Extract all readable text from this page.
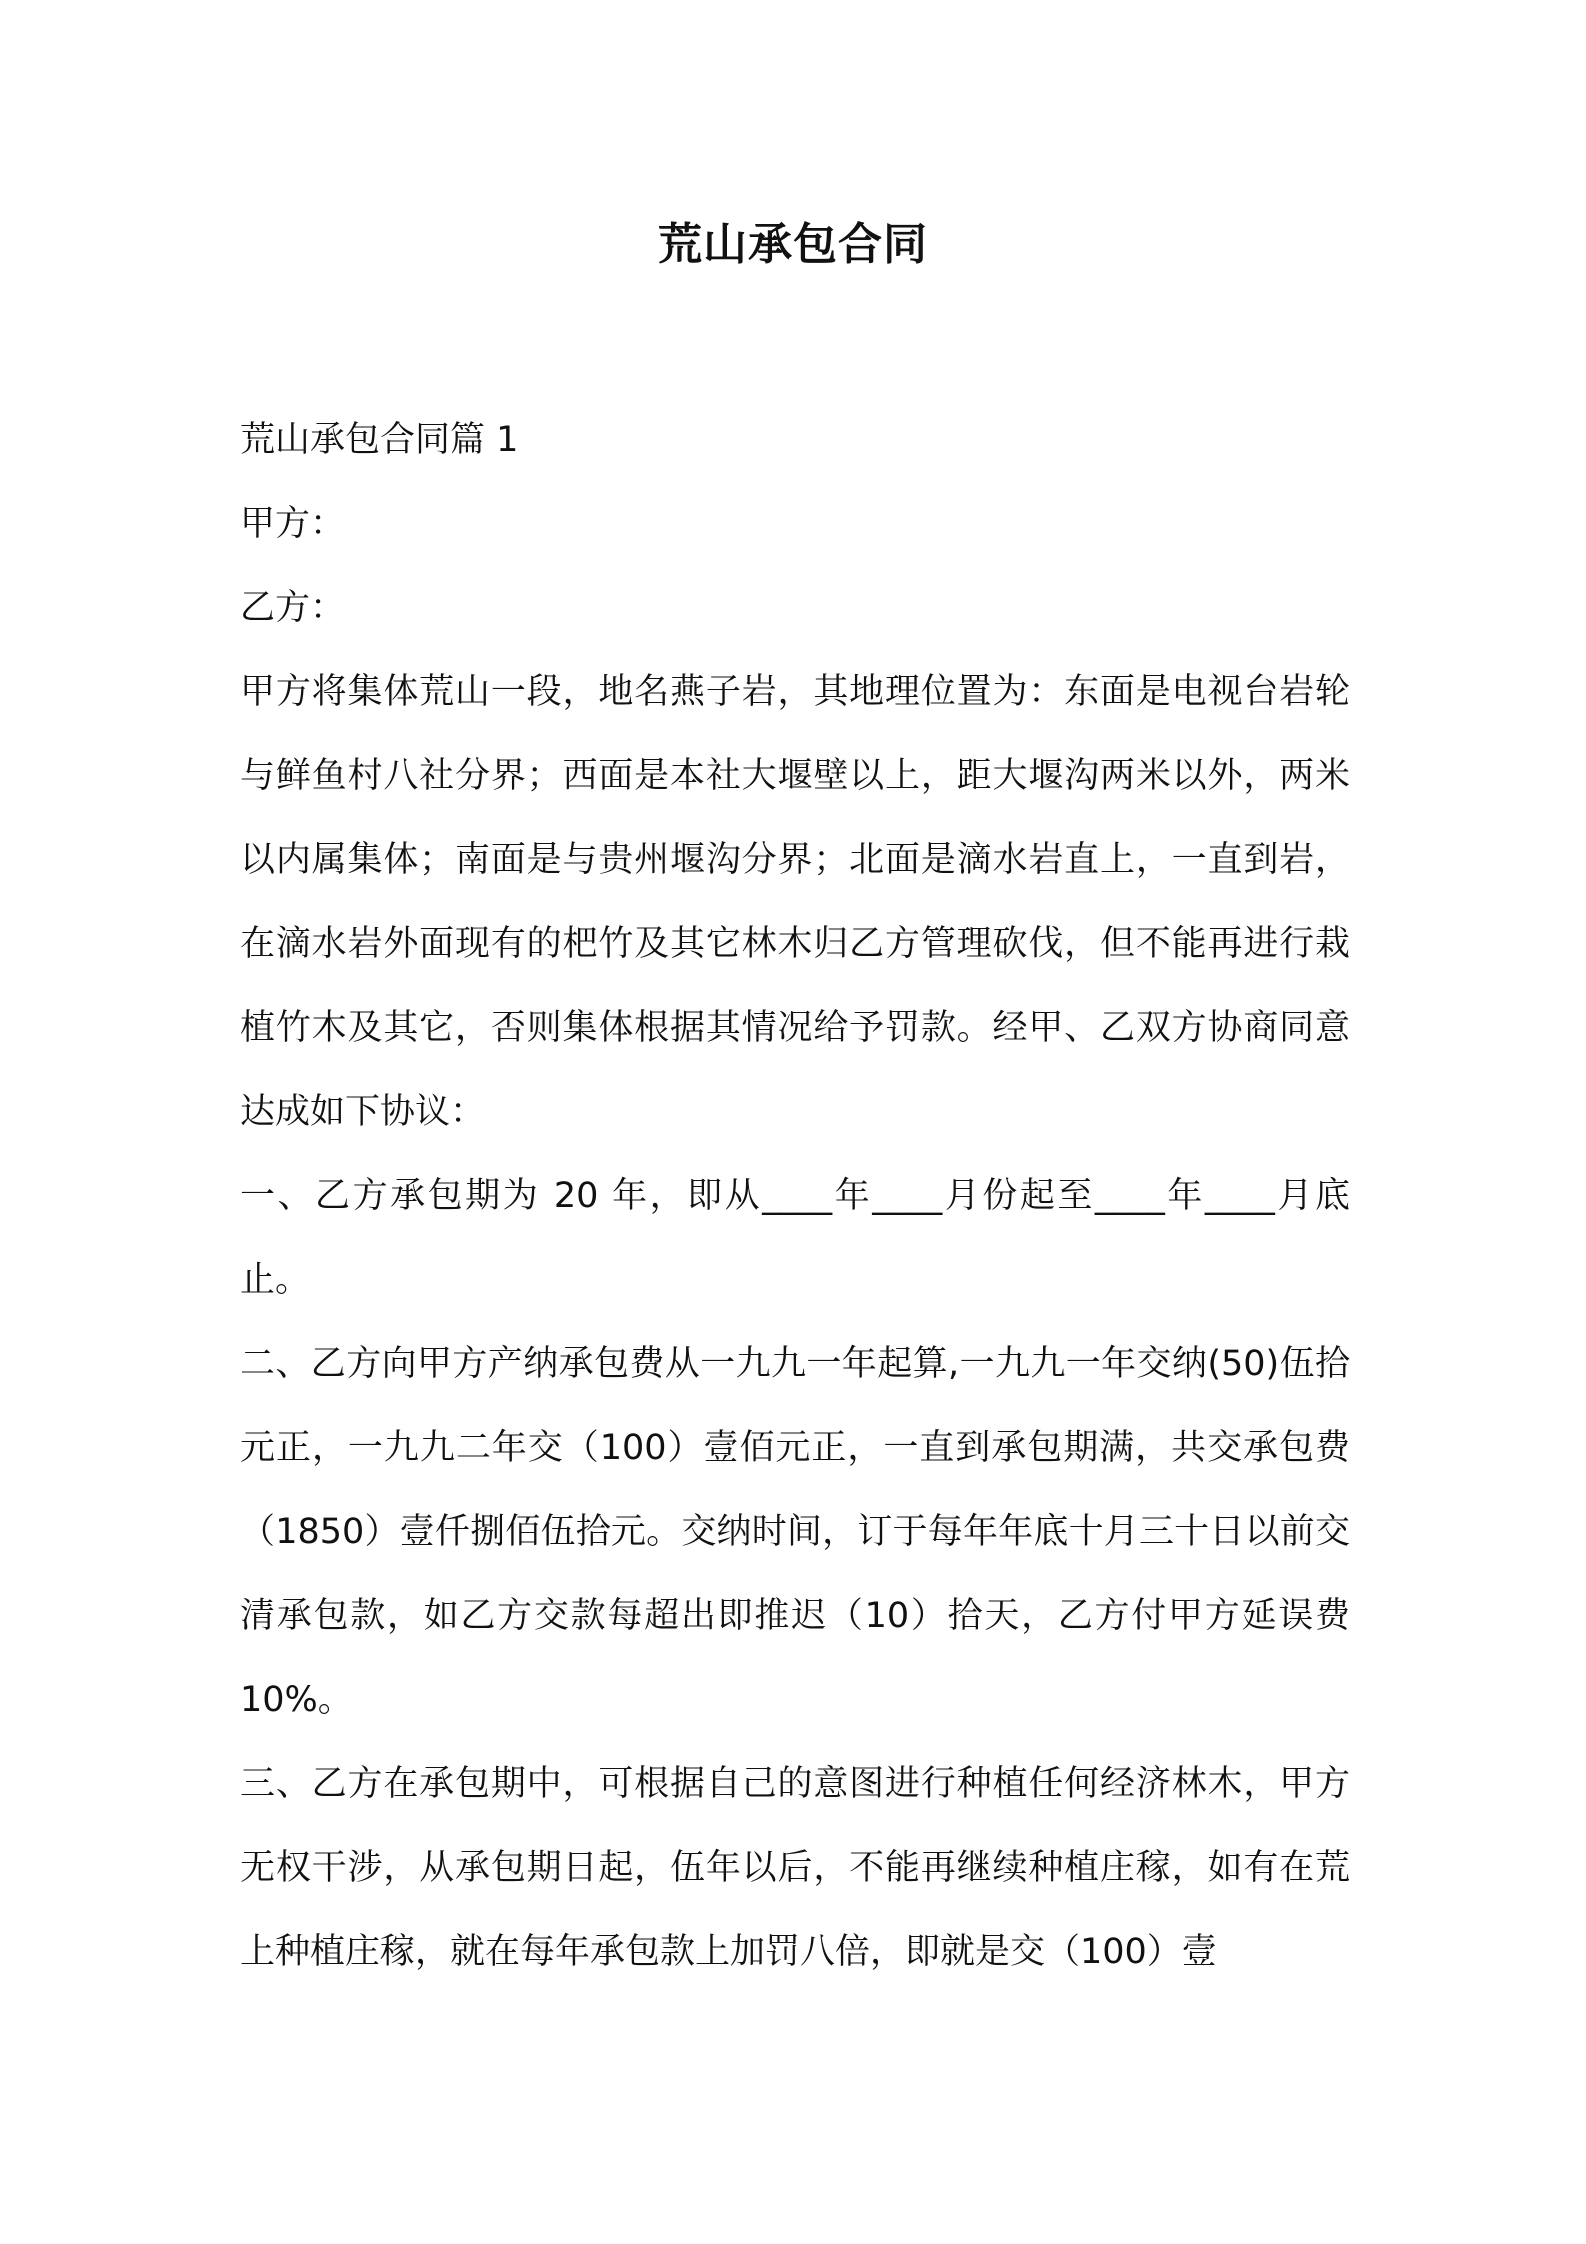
荒山承包合同

荒山承包合同篇 1

甲方：

乙方：

甲方将集体荒山一段，地名燕子岩，其地理位置为：东面是电视台岩轮与鲜鱼村八社分界；西面是本社大堰壁以上，距大堰沟两米以外，两米以内属集体；南面是与贵州堰沟分界；北面是滴水岩直上，一直到岩，在滴水岩外面现有的杷竹及其它林木归乙方管理砍伐，但不能再进行栽植竹木及其它，否则集体根据其情况给予罚款。经甲、乙双方协商同意达成如下协议：

一、乙方承包期为 20 年，即从____年____月份起至____年____月底止。

二、乙方向甲方产纳承包费从一九九一年起算,一九九一年交纳(50)伍拾元正，一九九二年交（100）壹佰元正，一直到承包期满，共交承包费（1850）壹仟捌佰伍拾元。交纳时间，订于每年年底十月三十日以前交清承包款，如乙方交款每超出即推迟（10）拾天，乙方付甲方延误费 10%。

三、乙方在承包期中，可根据自己的意图进行种植任何经济林木，甲方无权干涉，从承包期日起，伍年以后，不能再继续种植庄稼，如有在荒上种植庄稼，就在每年承包款上加罚八倍，即就是交（100）壹
